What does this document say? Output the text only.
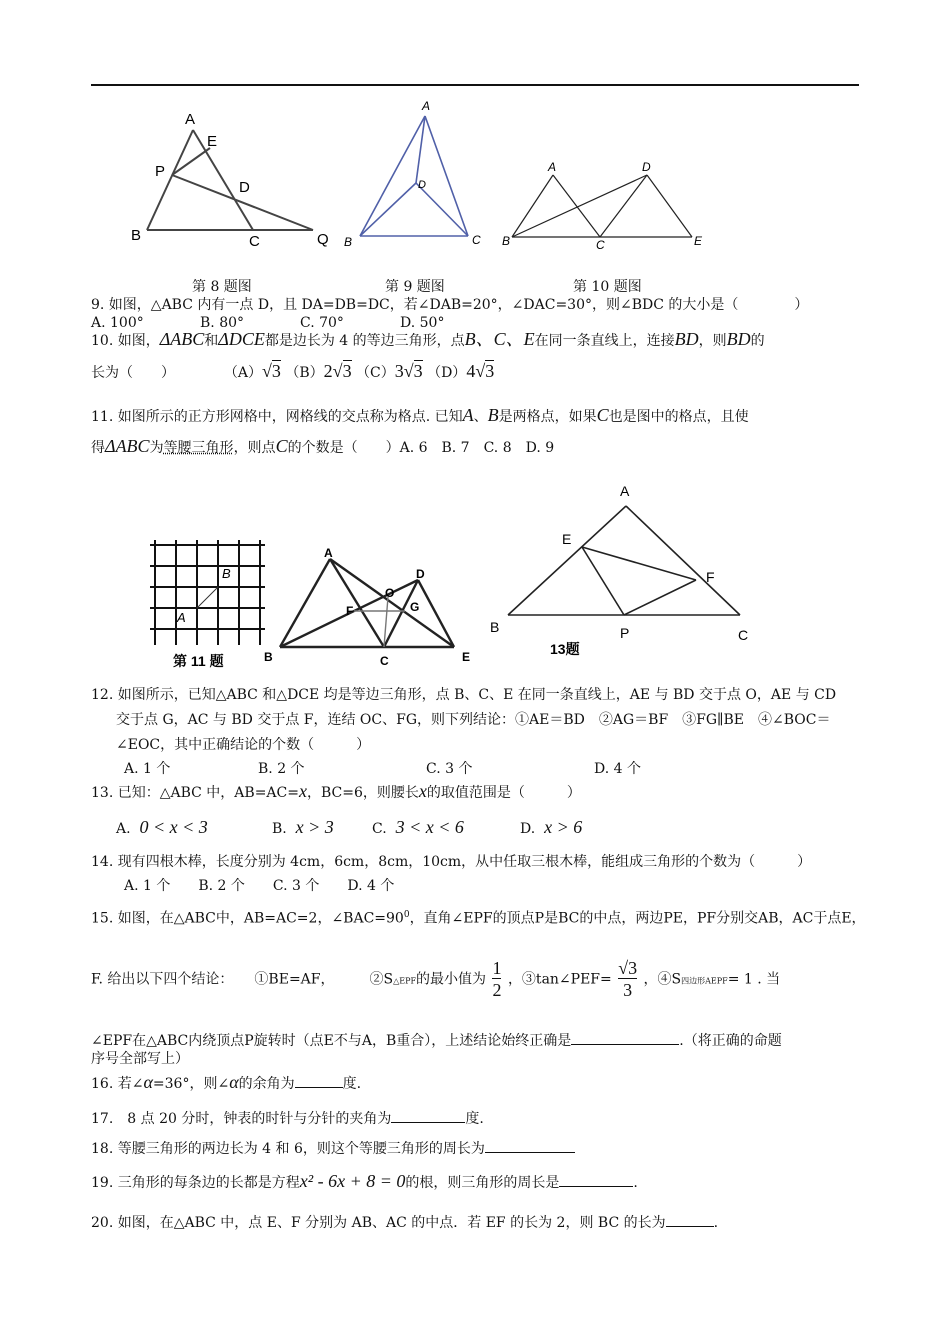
A
E
P
D
B	C	Q
A
D
B	C
A	D
B	C	E
第 8 题图	第 9 题图	第 10 题图
9. 如图，△ABC 内有一点 D，且 DA=DB=DC，若∠DAB=20°，∠DAC=30°，则∠BDC 的大小是（　　　　）
A. 100°	B. 80°	C. 70°	D. 50°
10. 如图，ΔABC和ΔDCE都是边长为 4 的等边三角形，点B、C、E在同一条直线上，连接BD，则BD的
长为（　　）	（A）√3 （B）2√3 （C）3√3 （D）4√3
11. 如图所示的正方形网格中，网格线的交点称为格点. 已知A、B是两格点，如果C也是图中的格点，且使
得ΔABC为等腰三角形，则点C的个数是（　　）A. 6　B. 7　C. 8　D. 9
B
A
第 11 题
A
D
O
F	G
B	C	E
A
E
F
B	P	C
13题
12. 如图所示，已知△ABC 和△DCE 均是等边三角形，点 B、C、E 在同一条直线上，AE 与 BD 交于点 O，AE 与 CD
交于点 G，AC 与 BD 交于点 F，连结 OC、FG，则下列结论：①AE＝BD　②AG＝BF　③FG∥BE　④∠BOC＝
∠EOC，其中正确结论的个数（　　　）
A. 1 个	B. 2 个	C. 3 个	D. 4 个
13. 已知：△ABC 中，AB=AC=x，BC=6，则腰长x的取值范围是（　　　）
A. 0 < x < 3	B. x > 3	C. 3 < x < 6	D. x > 6
14. 现有四根木棒，长度分别为 4cm，6cm，8cm，10cm，从中任取三根木棒，能组成三角形的个数为（　　　）
A. 1 个　　B. 2 个　　C. 3 个　　D. 4 个
15. 如图，在△ABC中，AB=AC=2，$\angle BAC=90^0$，直角∠EPF的顶点P是BC的中点，两边PE，PF分别交AB，AC于点E，
F. 给出以下四个结论：　　①BE=AF，　　　②S△EPF的最小值为 $\frac{1}{2}$ ，③tan∠PEF= $\frac{√3}{3}$ ，④S四边形AEPF= 1 . 当
∠EPF在△ABC内绕顶点P旋转时（点E不与A，B重合），上述结论始终正确是	.（将正确的命题
序号全部写上）
16. 若∠α=36°，则∠α的余角为	度.
17.　8 点 20 分时，钟表的时针与分针的夹角为	度.
18. 等腰三角形的两边长为 4 和 6，则这个等腰三角形的周长为
19. 三角形的每条边的长都是方程x² - 6x + 8 = 0的根，则三角形的周长是	.
20. 如图，在△ABC 中，点 E、F 分别为 AB、AC 的中点．若 EF 的长为 2，则 BC 的长为	.
